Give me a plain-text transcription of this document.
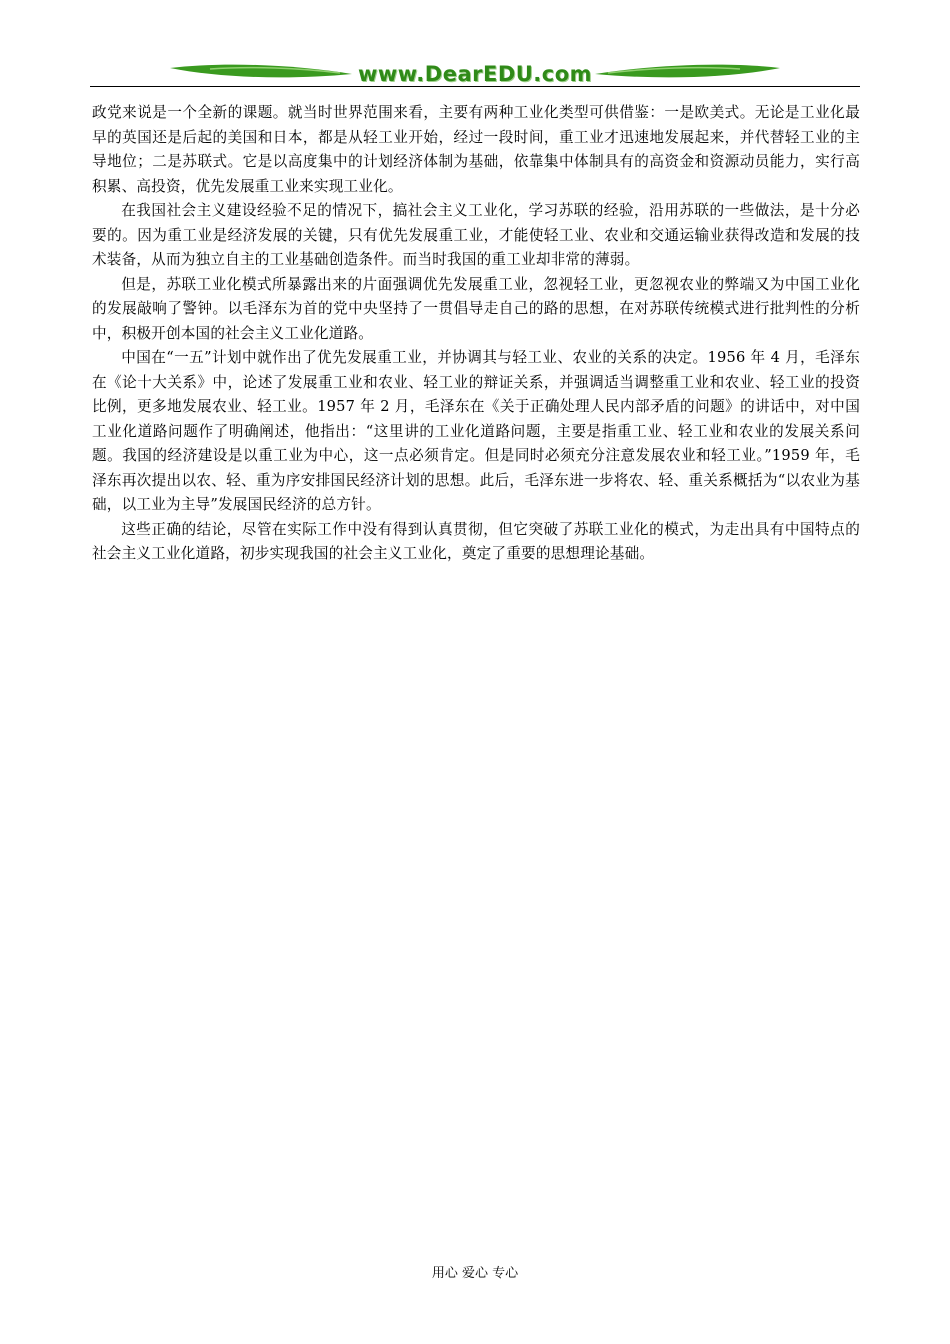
www.DearEDU.com

政党来说是一个全新的课题。就当时世界范围来看，主要有两种工业化类型可供借鉴：一是欧美式。无论是工业化最早的英国还是后起的美国和日本，都是从轻工业开始，经过一段时间，重工业才迅速地发展起来，并代替轻工业的主导地位；二是苏联式。它是以高度集中的计划经济体制为基础，依靠集中体制具有的高资金和资源动员能力，实行高积累、高投资，优先发展重工业来实现工业化。

在我国社会主义建设经验不足的情况下，搞社会主义工业化，学习苏联的经验，沿用苏联的一些做法，是十分必要的。因为重工业是经济发展的关键，只有优先发展重工业，才能使轻工业、农业和交通运输业获得改造和发展的技术装备，从而为独立自主的工业基础创造条件。而当时我国的重工业却非常的薄弱。

但是，苏联工业化模式所暴露出来的片面强调优先发展重工业，忽视轻工业，更忽视农业的弊端又为中国工业化的发展敲响了警钟。以毛泽东为首的党中央坚持了一贯倡导走自己的路的思想，在对苏联传统模式进行批判性的分析中，积极开创本国的社会主义工业化道路。

中国在“一五”计划中就作出了优先发展重工业，并协调其与轻工业、农业的关系的决定。1956 年 4 月，毛泽东在《论十大关系》中，论述了发展重工业和农业、轻工业的辩证关系，并强调适当调整重工业和农业、轻工业的投资比例，更多地发展农业、轻工业。1957 年 2 月，毛泽东在《关于正确处理人民内部矛盾的问题》的讲话中，对中国工业化道路问题作了明确阐述，他指出：“这里讲的工业化道路问题，主要是指重工业、轻工业和农业的发展关系问题。我国的经济建设是以重工业为中心，这一点必须肯定。但是同时必须充分注意发展农业和轻工业。”1959 年，毛泽东再次提出以农、轻、重为序安排国民经济计划的思想。此后，毛泽东进一步将农、轻、重关系概括为“以农业为基础，以工业为主导”发展国民经济的总方针。

这些正确的结论，尽管在实际工作中没有得到认真贯彻，但它突破了苏联工业化的模式，为走出具有中国特点的社会主义工业化道路，初步实现我国的社会主义工业化，奠定了重要的思想理论基础。

用心 爱心 专心
